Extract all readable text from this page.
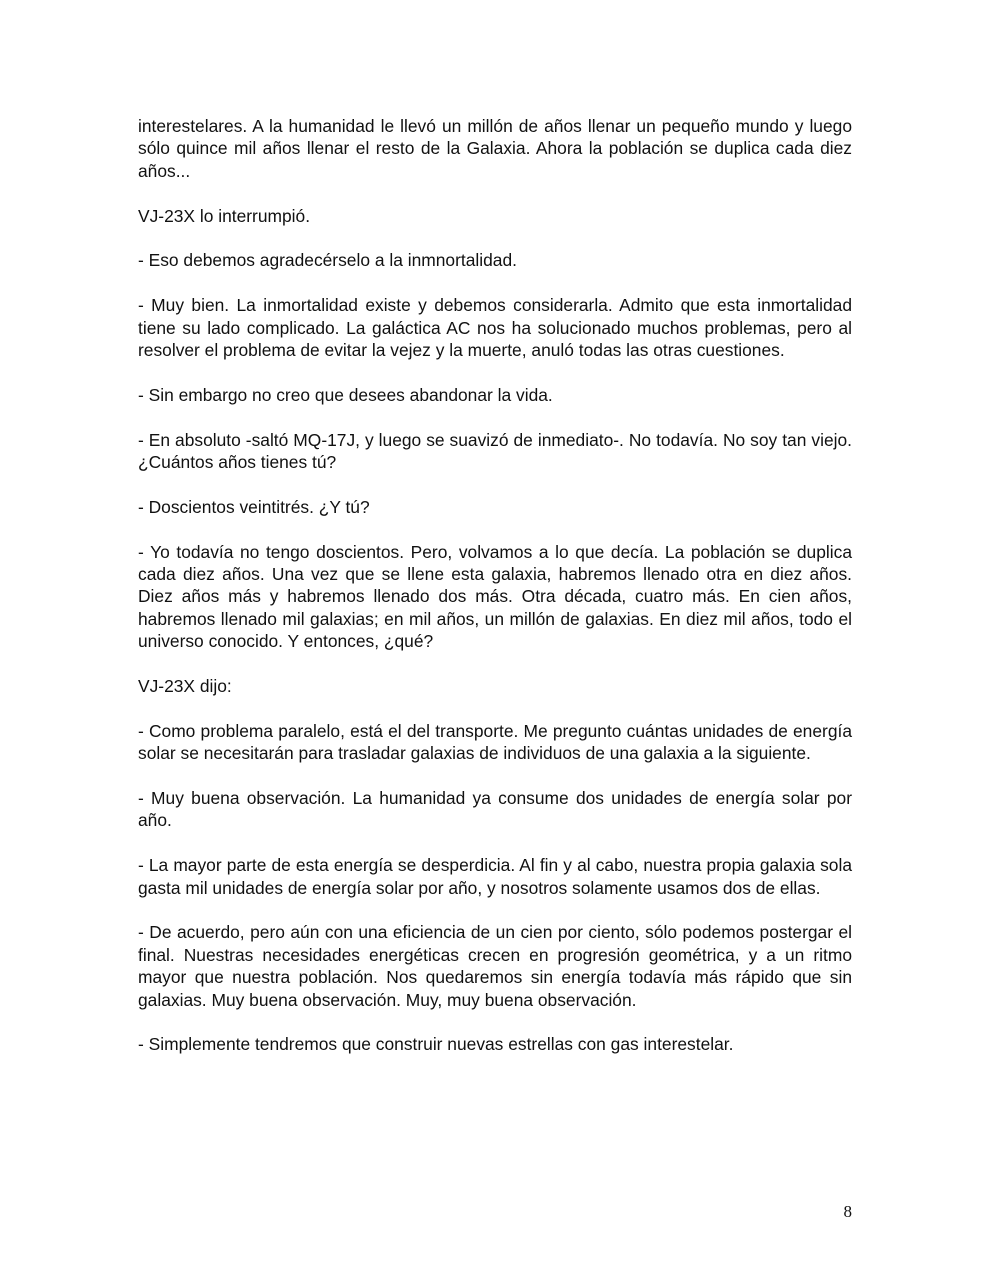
interestelares. A la humanidad le llevó un millón de años llenar un pequeño mundo y luego sólo quince mil años llenar el resto de la Galaxia. Ahora la población se duplica cada diez años...

VJ-23X lo interrumpió.

- Eso debemos agradecérselo a la inmnortalidad.

- Muy bien. La inmortalidad existe y debemos considerarla. Admito que esta inmortalidad tiene su lado complicado. La galáctica AC nos ha solucionado muchos problemas, pero al resolver el problema de evitar la vejez y la muerte, anuló todas las otras cuestiones.

- Sin embargo no creo que desees abandonar la vida.

- En absoluto -saltó MQ-17J, y luego se suavizó de inmediato-. No todavía. No soy tan viejo. ¿Cuántos años tienes tú?

- Doscientos veintitrés. ¿Y tú?

- Yo todavía no tengo doscientos. Pero, volvamos a lo que decía. La población se duplica cada diez años. Una vez que se llene esta galaxia, habremos llenado otra en diez años. Diez años más y habremos llenado dos más. Otra década, cuatro más. En cien años, habremos llenado mil galaxias; en mil años, un millón de galaxias. En diez mil años, todo el universo conocido. Y entonces, ¿qué?

VJ-23X dijo:

- Como problema paralelo, está el del transporte. Me pregunto cuántas unidades de energía solar se necesitarán para trasladar galaxias de individuos de una galaxia a la siguiente.

- Muy buena observación. La humanidad ya consume dos unidades de energía solar por año.

- La mayor parte de esta energía se desperdicia. Al fin y al cabo, nuestra propia galaxia sola gasta mil unidades de energía solar por año, y nosotros solamente usamos dos de ellas.

- De acuerdo, pero aún con una eficiencia de un cien por ciento, sólo podemos postergar el final. Nuestras necesidades energéticas crecen en progresión geométrica, y a un ritmo mayor que nuestra población. Nos quedaremos sin energía todavía más rápido que sin galaxias. Muy buena observación. Muy, muy buena observación.

- Simplemente tendremos que construir nuevas estrellas con gas interestelar.

8
